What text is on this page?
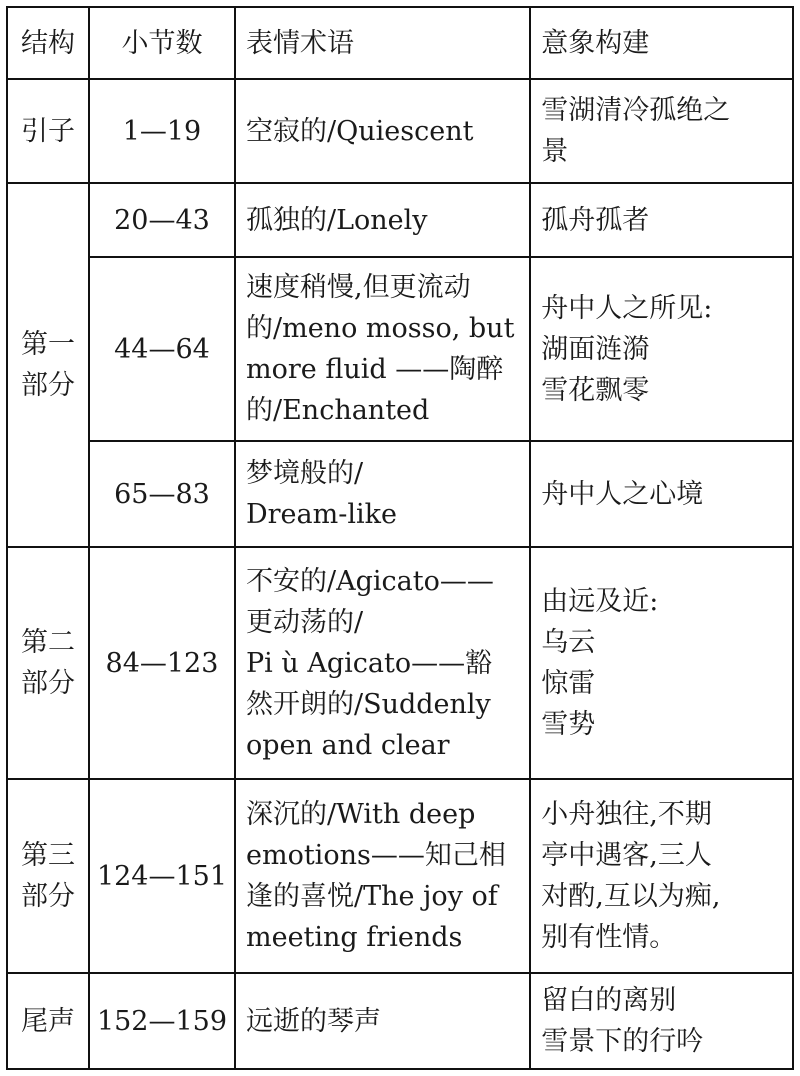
结构	小节数	表情术语	意象构建
引子	1—19	空寂的/Quiescent	雪湖清冷孤绝之
景

第一
部分	20—43	孤独的/Lonely	孤舟孤者

	44—64	速度稍慢,但更流动
的/meno mosso, but
more fluid ——陶醉
的/Enchanted	舟中人之所见:
湖面涟漪
雪花飘零

	65—83	梦境般的/
Dream-like	舟中人之心境

第二
部分	84—123	不安的/Agicato——
更动荡的/
Pi ù Agicato——豁
然开朗的/Suddenly
open and clear	由远及近:
乌云
惊雷
雪势

第三
部分	124—151	深沉的/With deep
emotions——知己相
逢的喜悦/The joy of
meeting friends	小舟独往,不期
亭中遇客,三人
对酌,互以为痴,
别有性情。

尾声	152—159	远逝的琴声	留白的离别
雪景下的行吟
